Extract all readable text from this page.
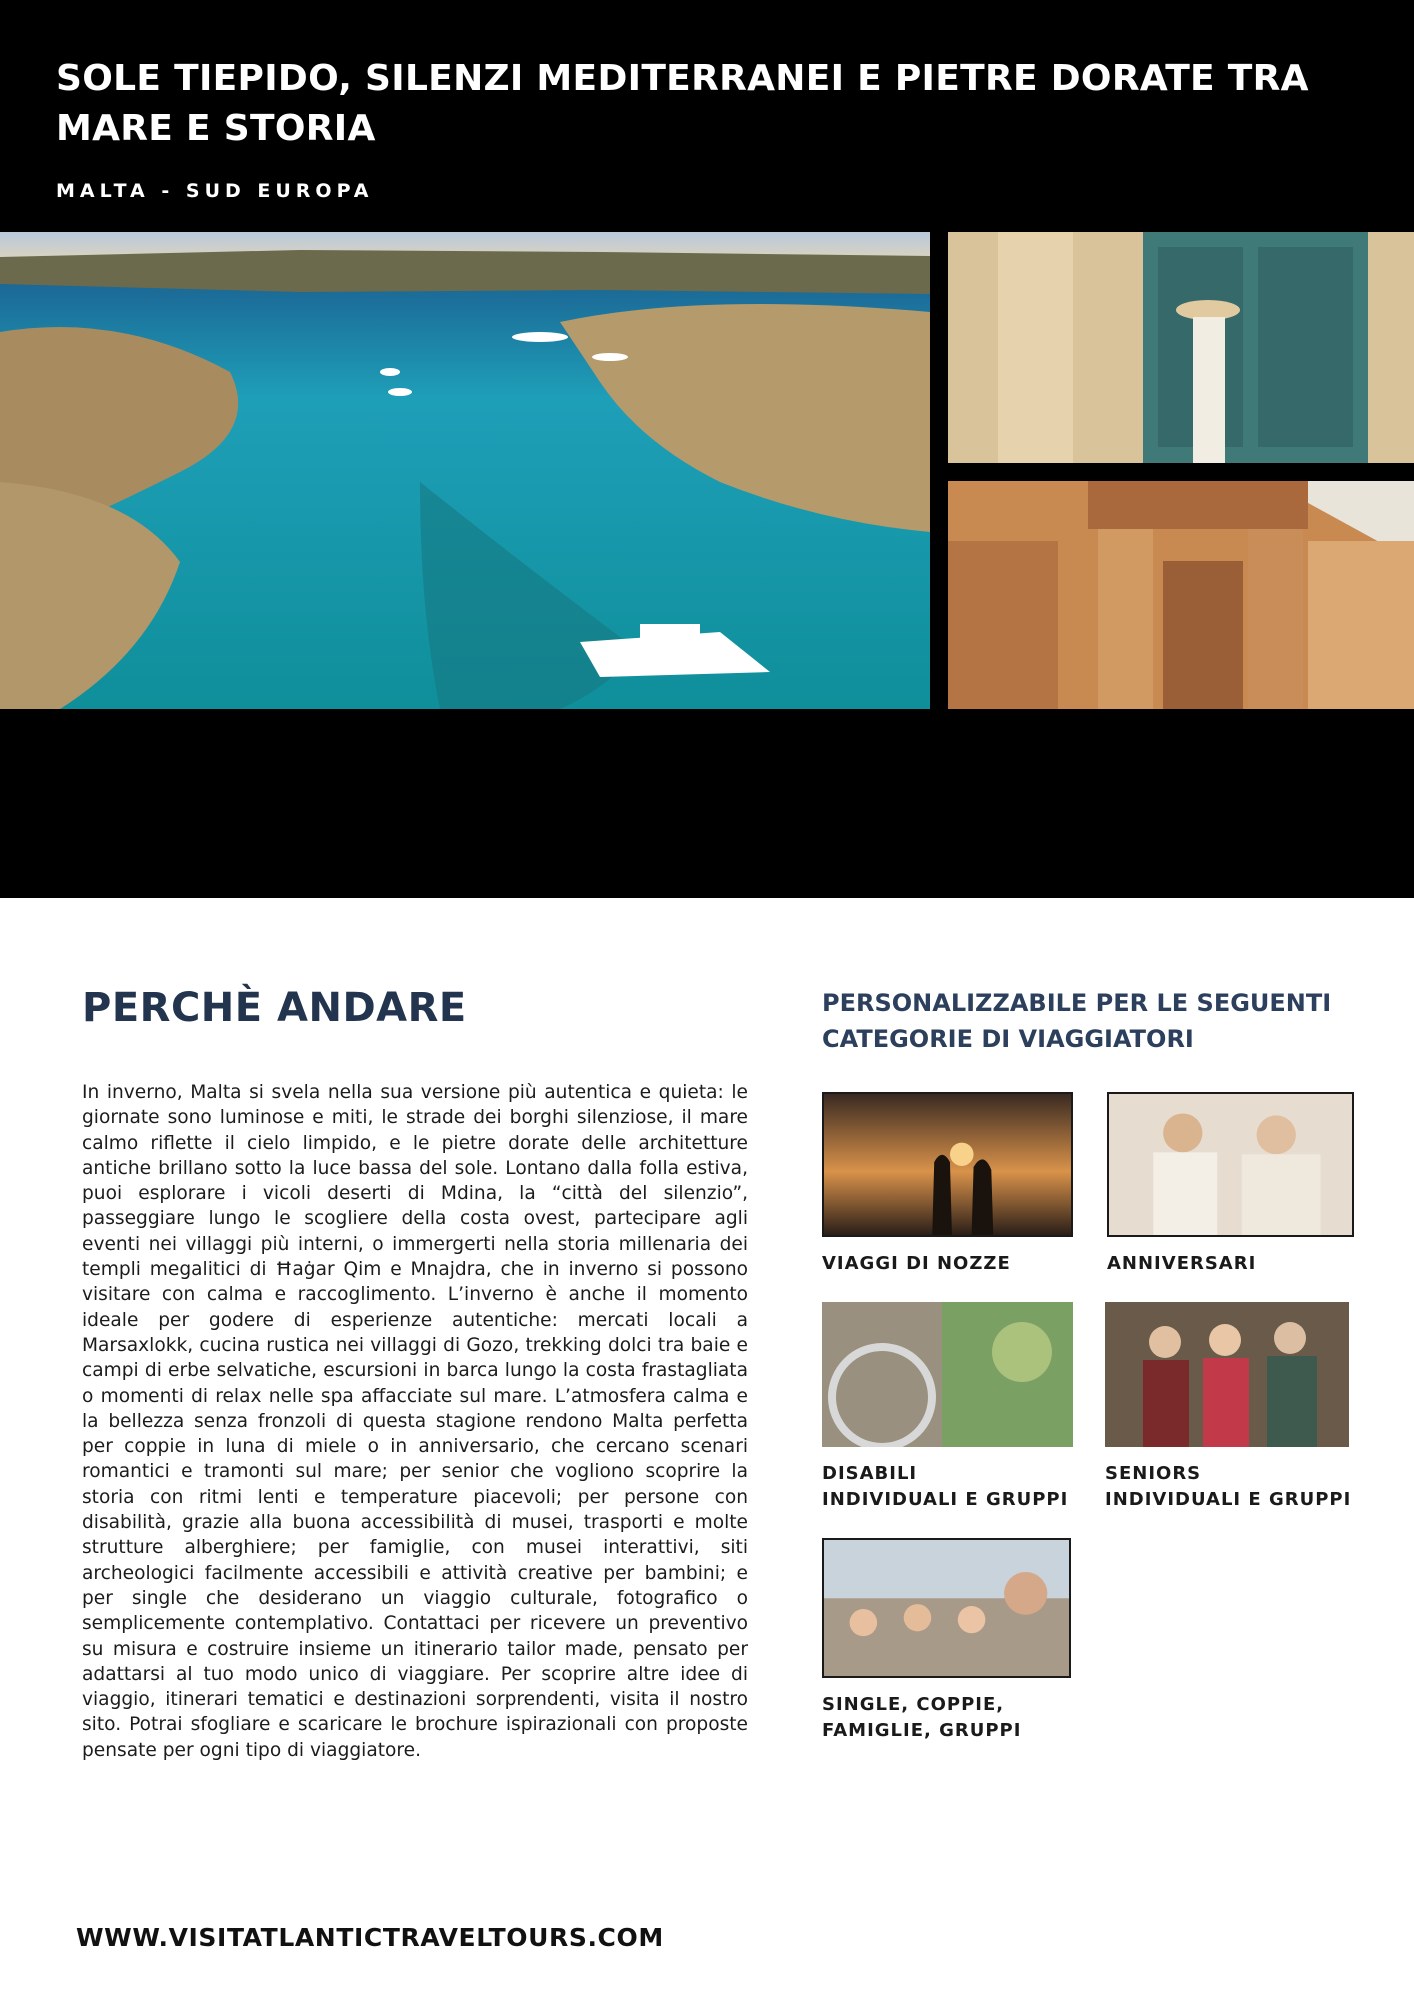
SOLE TIEPIDO, SILENZI MEDITERRANEI E PIETRE DORATE TRA MARE E STORIA

MALTA - SUD EUROPA

PERCHÈ ANDARE

In inverno, Malta si svela nella sua versione più autentica e quieta: le giornate sono luminose e miti, le strade dei borghi silenziose, il mare calmo riflette il cielo limpido, e le pietre dorate delle architetture antiche brillano sotto la luce bassa del sole. Lontano dalla folla estiva, puoi esplorare i vicoli deserti di Mdina, la “città del silenzio”, passeggiare lungo le scogliere della costa ovest, partecipare agli eventi nei villaggi più interni, o immergerti nella storia millenaria dei templi megalitici di Ħaġar Qim e Mnajdra, che in inverno si possono visitare con calma e raccoglimento. L’inverno è anche il momento ideale per godere di esperienze autentiche: mercati locali a Marsaxlokk, cucina rustica nei villaggi di Gozo, trekking dolci tra baie e campi di erbe selvatiche, escursioni in barca lungo la costa frastagliata o momenti di relax nelle spa affacciate sul mare. L’atmosfera calma e la bellezza senza fronzoli di questa stagione rendono Malta perfetta per coppie in luna di miele o in anniversario, che cercano scenari romantici e tramonti sul mare; per senior che vogliono scoprire la storia con ritmi lenti e temperature piacevoli; per persone con disabilità, grazie alla buona accessibilità di musei, trasporti e molte strutture alberghiere; per famiglie, con musei interattivi, siti archeologici facilmente accessibili e attività creative per bambini; e per single che desiderano un viaggio culturale, fotografico o semplicemente contemplativo. Contattaci per ricevere un preventivo su misura e costruire insieme un itinerario tailor made, pensato per adattarsi al tuo modo unico di viaggiare. Per scoprire altre idee di viaggio, itinerari tematici e destinazioni sorprendenti, visita il nostro sito. Potrai sfogliare e scaricare le brochure ispirazionali con proposte pensate per ogni tipo di viaggiatore.

PERSONALIZZABILE PER LE SEGUENTI CATEGORIE DI VIAGGIATORI
VIAGGI DI NOZZE	ANNIVERSARI
DISABILI
INDIVIDUALI E GRUPPI
SENIORS
INDIVIDUALI E GRUPPI
SINGLE, COPPIE,
FAMIGLIE, GRUPPI

WWW.VISITATLANTICTRAVELTOURS.COM
